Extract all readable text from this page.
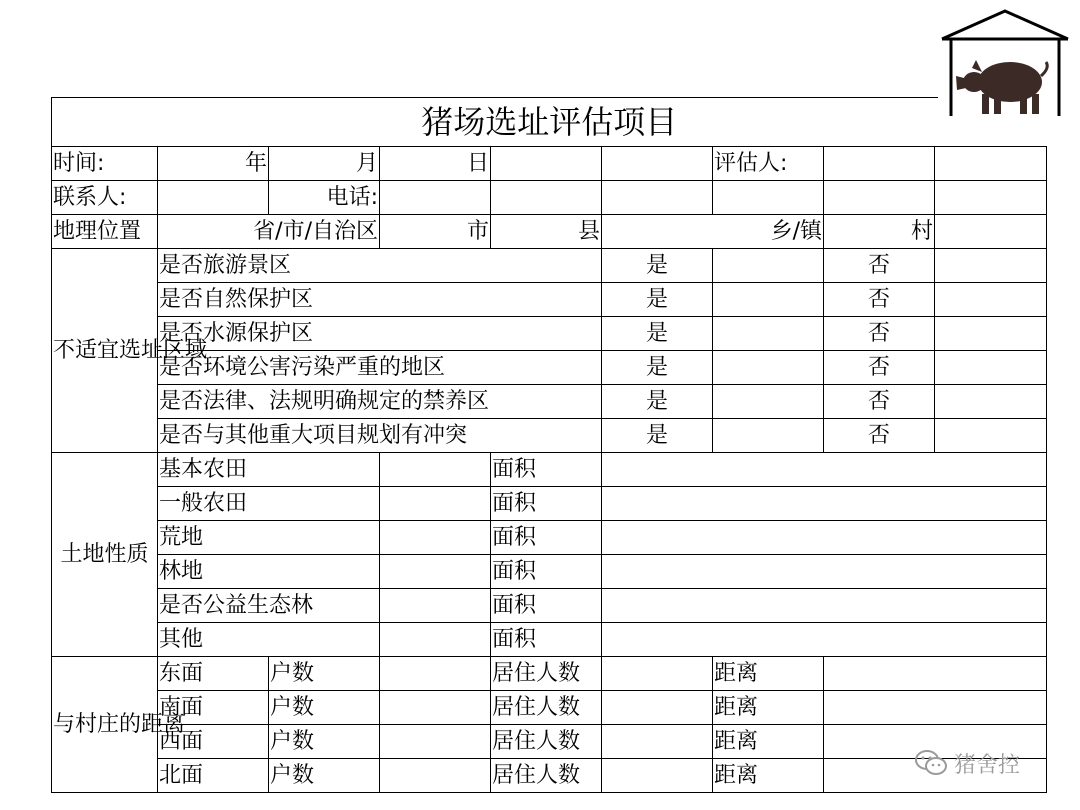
猪场选址评估项目								
时间:	年	月	日			评估人:		
联系人:		电话:						
地理位置	省/市/自治区		市	县	乡/镇		村	
不适宜选址区域	是否旅游景区				是		否	
	是否自然保护区				是		否	
	是否水源保护区				是		否	
	是否环境公害污染严重的地区				是		否	
	是否法律、法规明确规定的禁养区				是		否	
	是否与其他重大项目规划有冲突				是		否	
土地性质	基本农田			面积				
	一般农田			面积				
	荒地			面积				
	林地			面积				
	是否公益生态林			面积				
	其他			面积				
与村庄的距离	东面	户数		居住人数		距离		
	南面	户数		居住人数		距离		
	西面	户数		居住人数		距离		
	北面	户数		居住人数		距离			猪舍控
